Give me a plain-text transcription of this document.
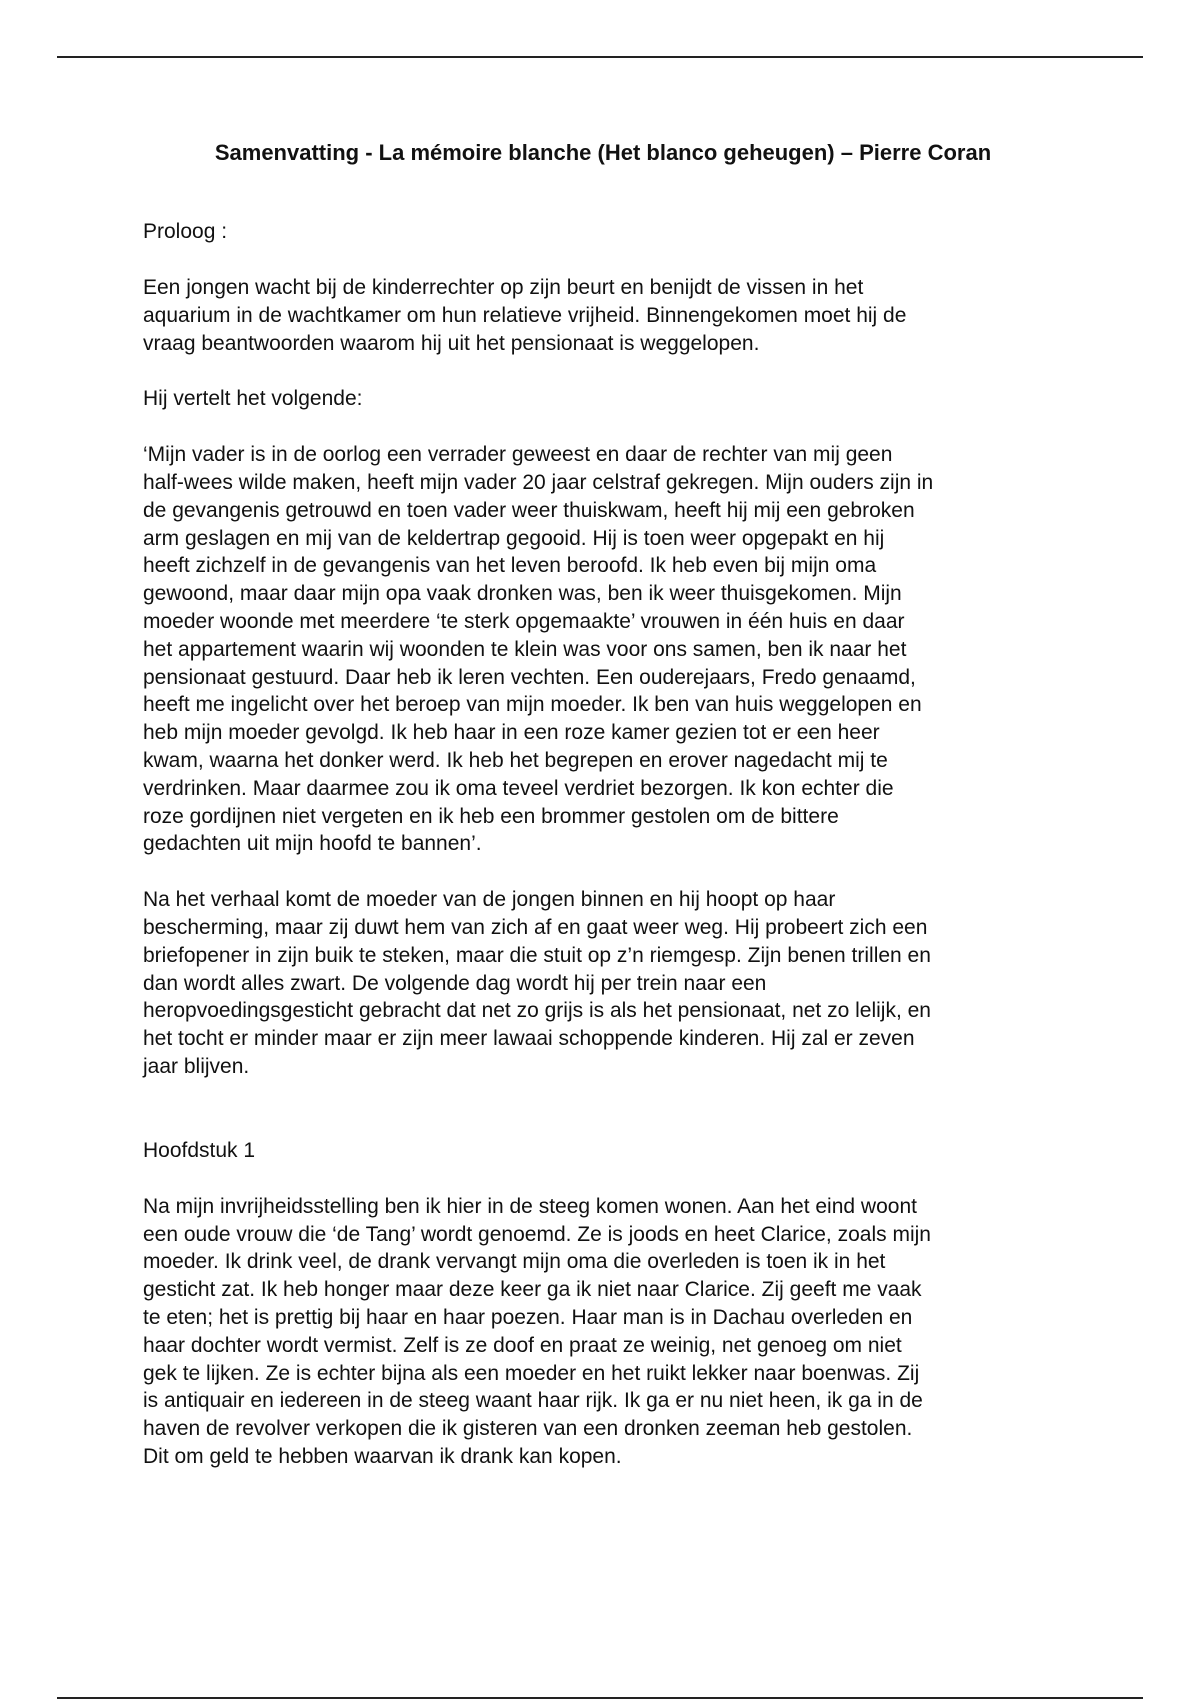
Samenvatting - La mémoire blanche (Het blanco geheugen) – Pierre Coran
Proloog :
Een jongen wacht bij de kinderrechter op zijn beurt en benijdt de vissen in het
aquarium in de wachtkamer om hun relatieve vrijheid. Binnengekomen moet hij de
vraag beantwoorden waarom hij uit het pensionaat is weggelopen.
Hij vertelt het volgende:
‘Mijn vader is in de oorlog een verrader geweest en daar de rechter van mij geen
half-wees wilde maken, heeft mijn vader 20 jaar celstraf gekregen. Mijn ouders zijn in
de gevangenis getrouwd en toen vader weer thuiskwam, heeft hij mij een gebroken
arm geslagen en mij van de keldertrap gegooid. Hij is toen weer opgepakt en hij
heeft zichzelf in de gevangenis van het leven beroofd. Ik heb even bij mijn oma
gewoond, maar daar mijn opa vaak dronken was, ben ik weer thuisgekomen. Mijn
moeder woonde met meerdere ‘te sterk opgemaakte’ vrouwen in één huis en daar
het appartement waarin wij woonden te klein was voor ons samen, ben ik naar het
pensionaat gestuurd. Daar heb ik leren vechten. Een ouderejaars, Fredo genaamd,
heeft me ingelicht over het beroep van mijn moeder. Ik ben van huis weggelopen en
heb mijn moeder gevolgd. Ik heb haar in een roze kamer gezien tot er een heer
kwam, waarna het donker werd. Ik heb het begrepen en erover nagedacht mij te
verdrinken. Maar daarmee zou ik oma teveel verdriet bezorgen. Ik kon echter die
roze gordijnen niet vergeten en ik heb een brommer gestolen om de bittere
gedachten uit mijn hoofd te bannen’.
Na het verhaal komt de moeder van de jongen binnen en hij hoopt op haar
bescherming, maar zij duwt hem van zich af en gaat weer weg. Hij probeert zich een
briefopener in zijn buik te steken, maar die stuit op z’n riemgesp. Zijn benen trillen en
dan wordt alles zwart. De volgende dag wordt hij per trein naar een
heropvoedingsgesticht gebracht dat net zo grijs is als het pensionaat, net zo lelijk, en
het tocht er minder maar er zijn meer lawaai schoppende kinderen. Hij zal er zeven
jaar blijven.
Hoofdstuk 1
Na mijn invrijheidsstelling ben ik hier in de steeg komen wonen. Aan het eind woont
een oude vrouw die ‘de Tang’ wordt genoemd. Ze is joods en heet Clarice, zoals mijn
moeder. Ik drink veel, de drank vervangt mijn oma die overleden is toen ik in het
gesticht zat. Ik heb honger maar deze keer ga ik niet naar Clarice. Zij geeft me vaak
te eten; het is prettig bij haar en haar poezen. Haar man is in Dachau overleden en
haar dochter wordt vermist. Zelf is ze doof en praat ze weinig, net genoeg om niet
gek te lijken. Ze is echter bijna als een moeder en het ruikt lekker naar boenwas. Zij
is antiquair en iedereen in de steeg waant haar rijk. Ik ga er nu niet heen, ik ga in de
haven de revolver verkopen die ik gisteren van een dronken zeeman heb gestolen.
Dit om geld te hebben waarvan ik drank kan kopen.
